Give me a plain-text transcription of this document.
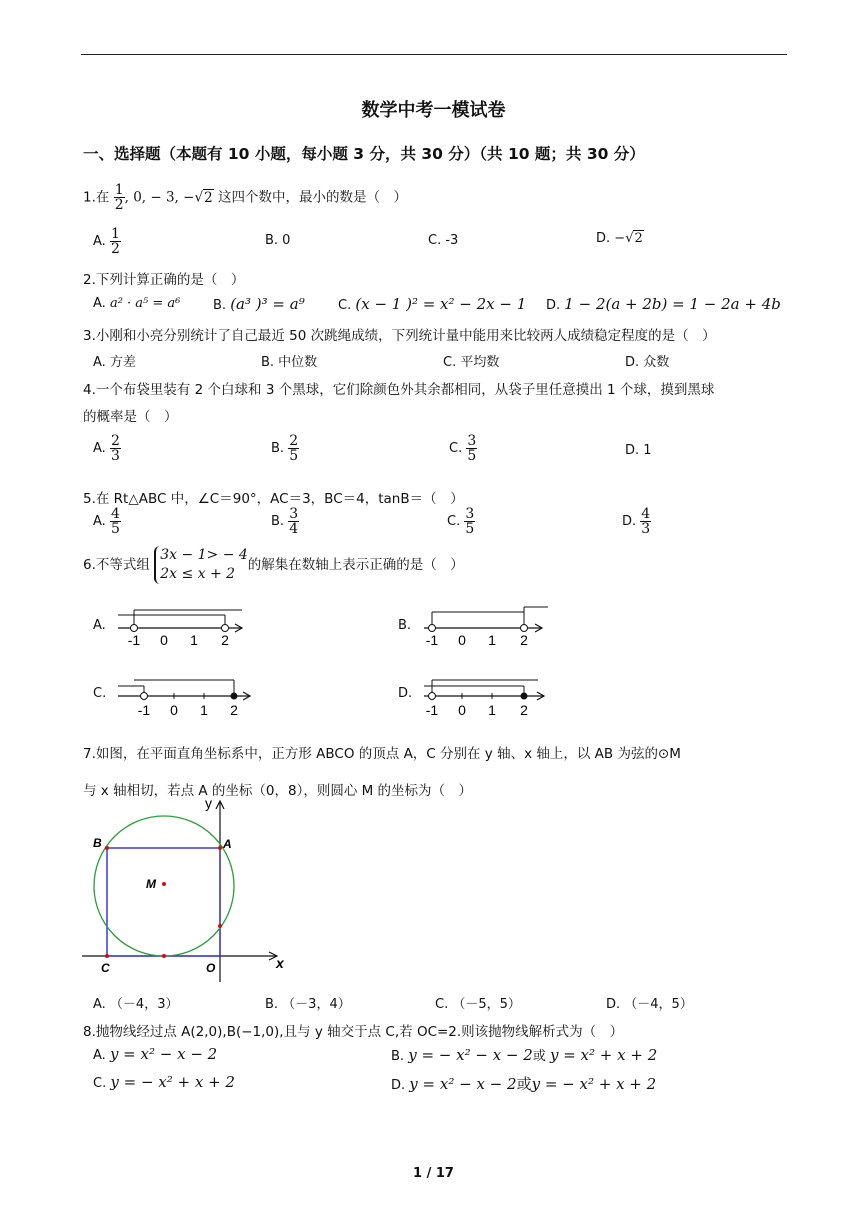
数学中考一模试卷
一、选择题（本题有 10 小题，每小题 3 分，共 30 分）（共 10 题；共 30 分）
1.在 $\frac{1}{2}$ , 0, − 3, −√2 这四个数中，最小的数是（　）
A. $\frac{1}{2}$	B. 0	C. -3	D. −√2
2.下列计算正确的是（　）
A. a² · a⁵ = a⁶	B. (a³ )³ = a⁹	C. (x − 1 )² = x² − 2x − 1 D. 1 − 2(a + 2b) = 1 − 2a + 4b
3.小刚和小亮分别统计了自己最近 50 次跳绳成绩，下列统计量中能用来比较两人成绩稳定程度的是（　）
A. 方差	B. 中位数	C. 平均数	D. 众数
4.一个布袋里装有 2 个白球和 3 个黑球，它们除颜色外其余都相同，从袋子里任意摸出 1 个球，摸到黑球
的概率是（　）
A. $\frac{2}{3}$	B. $\frac{2}{5}$	C. $\frac{3}{5}$	D. 1
5.在 Rt△ABC 中，∠C＝90°，AC＝3，BC＝4，tanB＝（　）
A. $\frac{4}{5}$	B. $\frac{3}{4}$	C. $\frac{3}{5}$	D. $\frac{4}{3}$
6.不等式组
3x − 1> − 4
2x ≤ x + 2
的解集在数轴上表示正确的是（　）
A.
-1 0 1 2
B.
-1 0 1 2
C.
-1 0 1 2
D.
-1 0 1 2
7.如图，在平面直角坐标系中，正方形 ABCO 的顶点 A，C 分别在 y 轴、x 轴上，以 AB 为弦的⊙M
与 x 轴相切，若点 A 的坐标（0，8），则圆心 M 的坐标为（　）
y
x
A
B
C	O
M
A. （－4，3）	B. （－3，4）	C. （－5，5）	D. （－4，5）
8.抛物线经过点 A(2,0),B(−1,0),且与 y 轴交于点 C,若 OC=2.则该抛物线解析式为（　）
A. y = x² − x − 2	B. y = − x² − x − 2或 y = x² + x + 2
C. y = − x² + x + 2	D. y = x² − x − 2或y = − x² + x + 2
1 / 17
